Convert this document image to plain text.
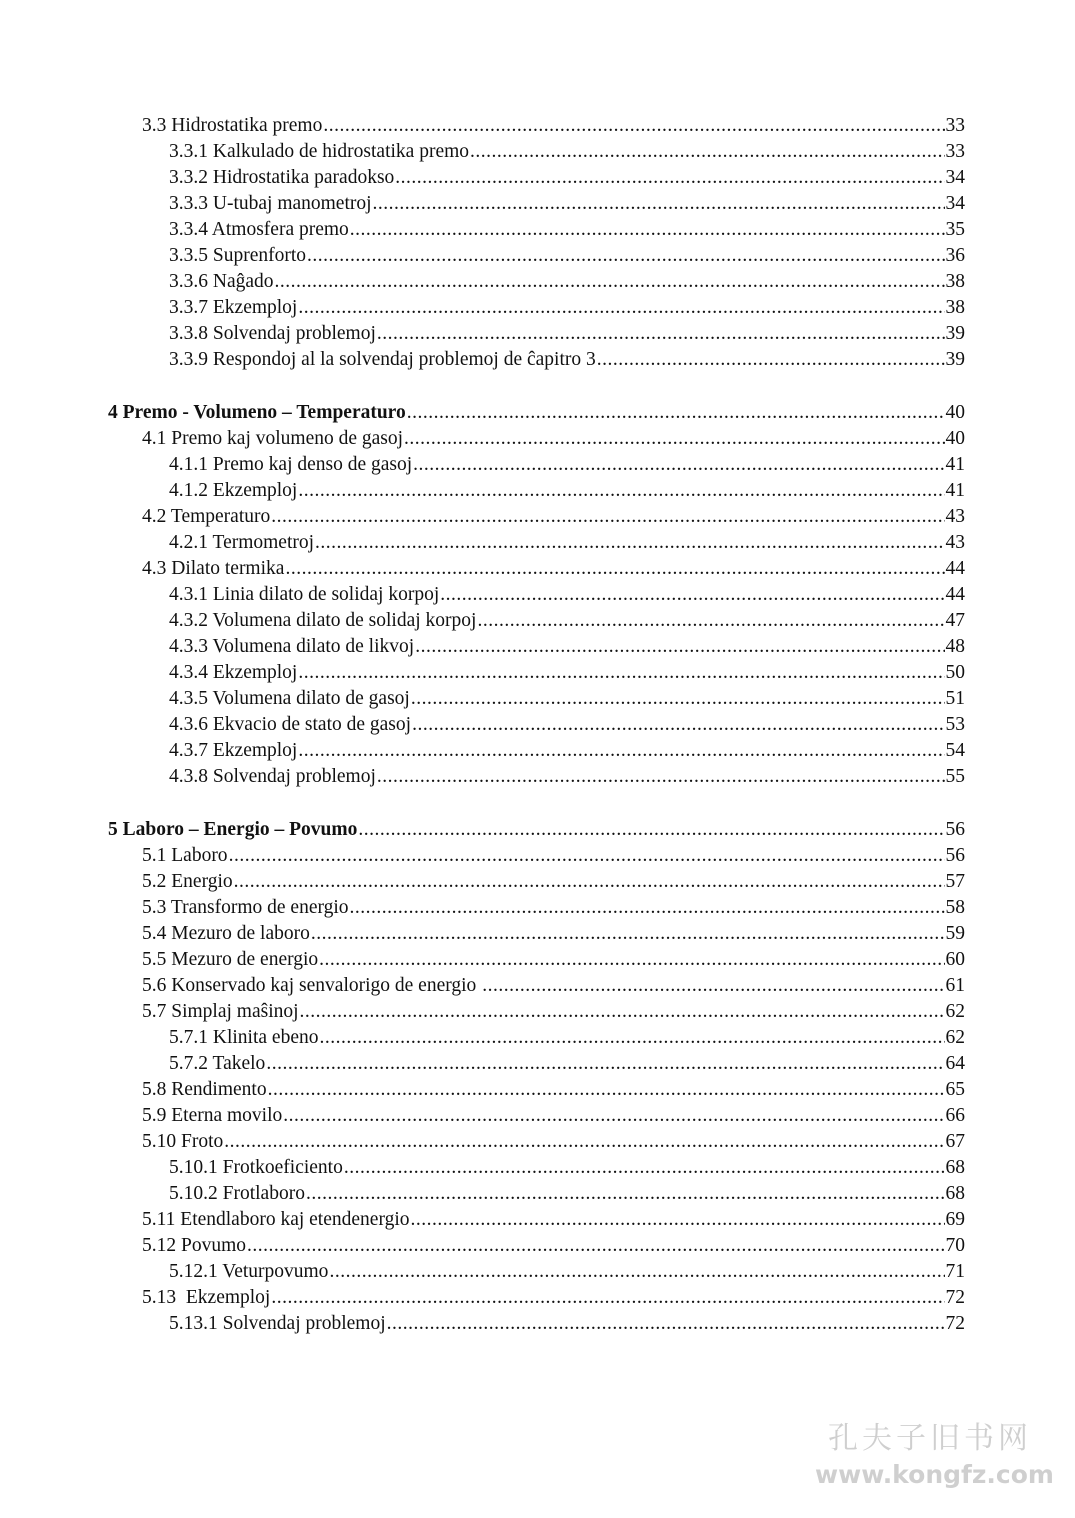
3.3 Hidrostatika premo .....	33
3.3.1 Kalkulado de hidrostatika premo .....	33
3.3.2 Hidrostatika paradokso .....	34
3.3.3 U-tubaj manometroj .....	34
3.3.4 Atmosfera premo .....	35
3.3.5 Suprenforto .....	36
3.3.6 Naĝado .....	38
3.3.7 Ekzemploj .....	38
3.3.8 Solvendaj problemoj .....	39
3.3.9 Respondoj al la solvendaj problemoj de ĉapitro 3 .....	39
4 Premo - Volumeno – Temperaturo .....	40
4.1 Premo kaj volumeno de gasoj .....	40
4.1.1 Premo kaj denso de gasoj .....	41
4.1.2 Ekzemploj .....	41
4.2 Temperaturo .....	43
4.2.1 Termometroj .....	43
4.3 Dilato termika .....	44
4.3.1 Linia dilato de solidaj korpoj .....	44
4.3.2 Volumena dilato de solidaj korpoj .....	47
4.3.3 Volumena dilato de likvoj .....	48
4.3.4 Ekzemploj .....	50
4.3.5 Volumena dilato de gasoj .....	51
4.3.6 Ekvacio de stato de gasoj .....	53
4.3.7 Ekzemploj .....	54
4.3.8 Solvendaj problemoj .....	55
5 Laboro – Energio – Povumo .....	56
5.1 Laboro .....	56
5.2 Energio .....	57
5.3 Transformo de energio .....	58
5.4 Mezuro de laboro .....	59
5.5 Mezuro de energio .....	60
5.6 Konservado kaj senvalorigo de energio .....	61
5.7 Simplaj maŝinoj .....	62
5.7.1 Klinita ebeno .....	62
5.7.2 Takelo .....	64
5.8 Rendimento .....	65
5.9 Eterna movilo .....	66
5.10 Froto .....	67
5.10.1 Frotkoeficiento .....	68
5.10.2 Frotlaboro .....	68
5.11 Etendlaboro kaj etendenergio .....	69
5.12 Povumo .....	70
5.12.1 Veturpovumo .....	71
5.13  Ekzemploj .....	72
5.13.1 Solvendaj problemoj .....	72
孔夫子旧书网
www.kongfz.com
